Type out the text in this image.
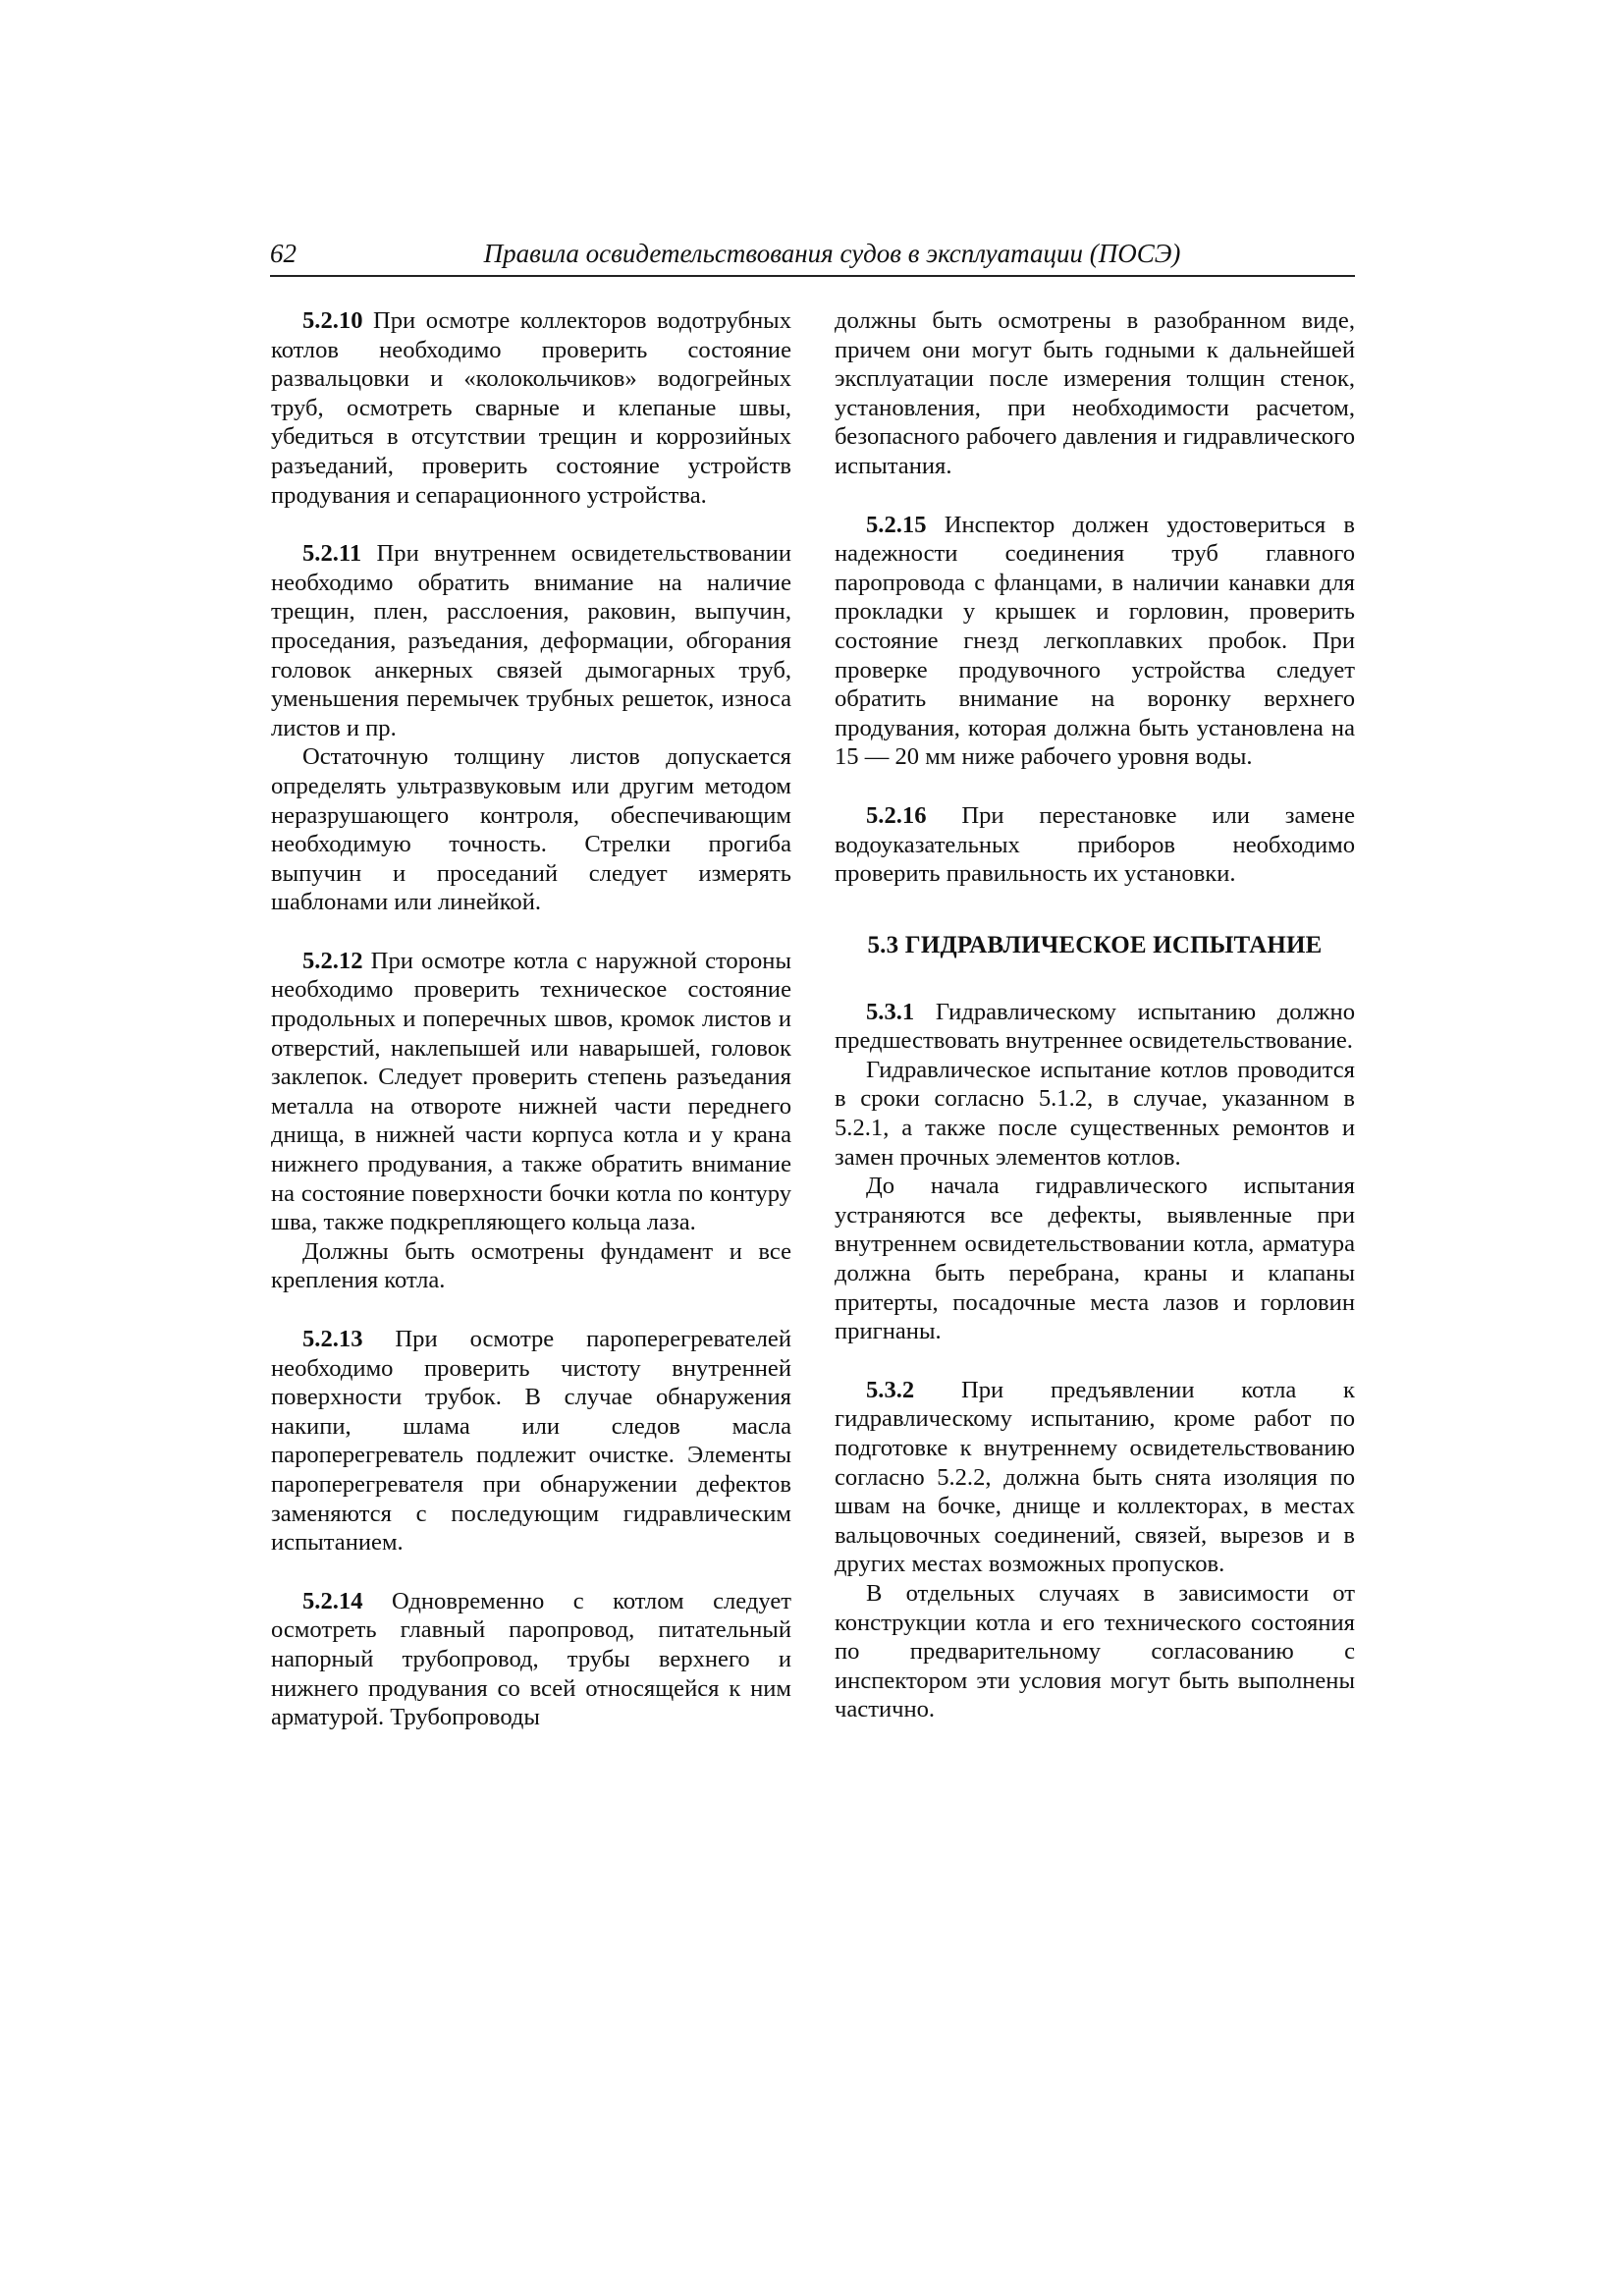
62	Правила освидетельствования судов в эксплуатации (ПОСЭ)

5.2.10 При осмотре коллекторов водотрубных котлов необходимо проверить состояние развальцовки и «колокольчиков» водогрейных труб, осмотреть сварные и клепаные швы, убедиться в отсутствии трещин и коррозийных разъеданий, проверить состояние устройств продувания и сепарационного устройства.

5.2.11 При внутреннем освидетельствовании необходимо обратить внимание на наличие трещин, плен, расслоения, раковин, выпучин, проседания, разъедания, деформации, обгорания головок анкерных связей дымогарных труб, уменьшения перемычек трубных решеток, износа листов и пр.

Остаточную толщину листов допускается определять ультразвуковым или другим методом неразрушающего контроля, обеспечивающим необходимую точность. Стрелки прогиба выпучин и проседаний следует измерять шаблонами или линейкой.

5.2.12 При осмотре котла с наружной стороны необходимо проверить техническое состояние продольных и поперечных швов, кромок листов и отверстий, наклепышей или наварышей, головок заклепок. Следует проверить степень разъедания металла на отвороте нижней части переднего днища, в нижней части корпуса котла и у крана нижнего продувания, а также обратить внимание на состояние поверхности бочки котла по контуру шва, также подкрепляющего кольца лаза.

Должны быть осмотрены фундамент и все крепления котла.

5.2.13 При осмотре пароперегревателей необходимо проверить чистоту внутренней поверхности трубок. В случае обнаружения накипи, шлама или следов масла пароперегреватель подлежит очистке. Элементы пароперегревателя при обнаружении дефектов заменяются с последующим гидравлическим испытанием.

5.2.14 Одновременно с котлом следует осмотреть главный паропровод, питательный напорный трубопровод, трубы верхнего и нижнего продувания со всей относящейся к ним арматурой. Трубопроводы

должны быть осмотрены в разобранном виде, причем они могут быть годными к дальнейшей эксплуатации после измерения толщин стенок, установления, при необходимости расчетом, безопасного рабочего давления и гидравлического испытания.

5.2.15 Инспектор должен удостовериться в надежности соединения труб главного паропровода с фланцами, в наличии канавки для прокладки у крышек и горловин, проверить состояние гнезд легкоплавких пробок. При проверке продувочного устройства следует обратить внимание на воронку верхнего продувания, которая должна быть установлена на 15 — 20 мм ниже рабочего уровня воды.

5.2.16 При перестановке или замене водоуказательных приборов необходимо проверить правильность их установки.

5.3 ГИДРАВЛИЧЕСКОЕ ИСПЫТАНИЕ

5.3.1 Гидравлическому испытанию должно предшествовать внутреннее освидетельствование.

Гидравлическое испытание котлов проводится в сроки согласно 5.1.2, в случае, указанном в 5.2.1, а также после существенных ремонтов и замен прочных элементов котлов.

До начала гидравлического испытания устраняются все дефекты, выявленные при внутреннем освидетельствовании котла, арматура должна быть перебрана, краны и клапаны притерты, посадочные места лазов и горловин пригнаны.

5.3.2 При предъявлении котла к гидравлическому испытанию, кроме работ по подготовке к внутреннему освидетельствованию согласно 5.2.2, должна быть снята изоляция по швам на бочке, днище и коллекторах, в местах вальцовочных соединений, связей, вырезов и в других местах возможных пропусков.

В отдельных случаях в зависимости от конструкции котла и его технического состояния по предварительному согласованию с инспектором эти условия могут быть выполнены частично.
